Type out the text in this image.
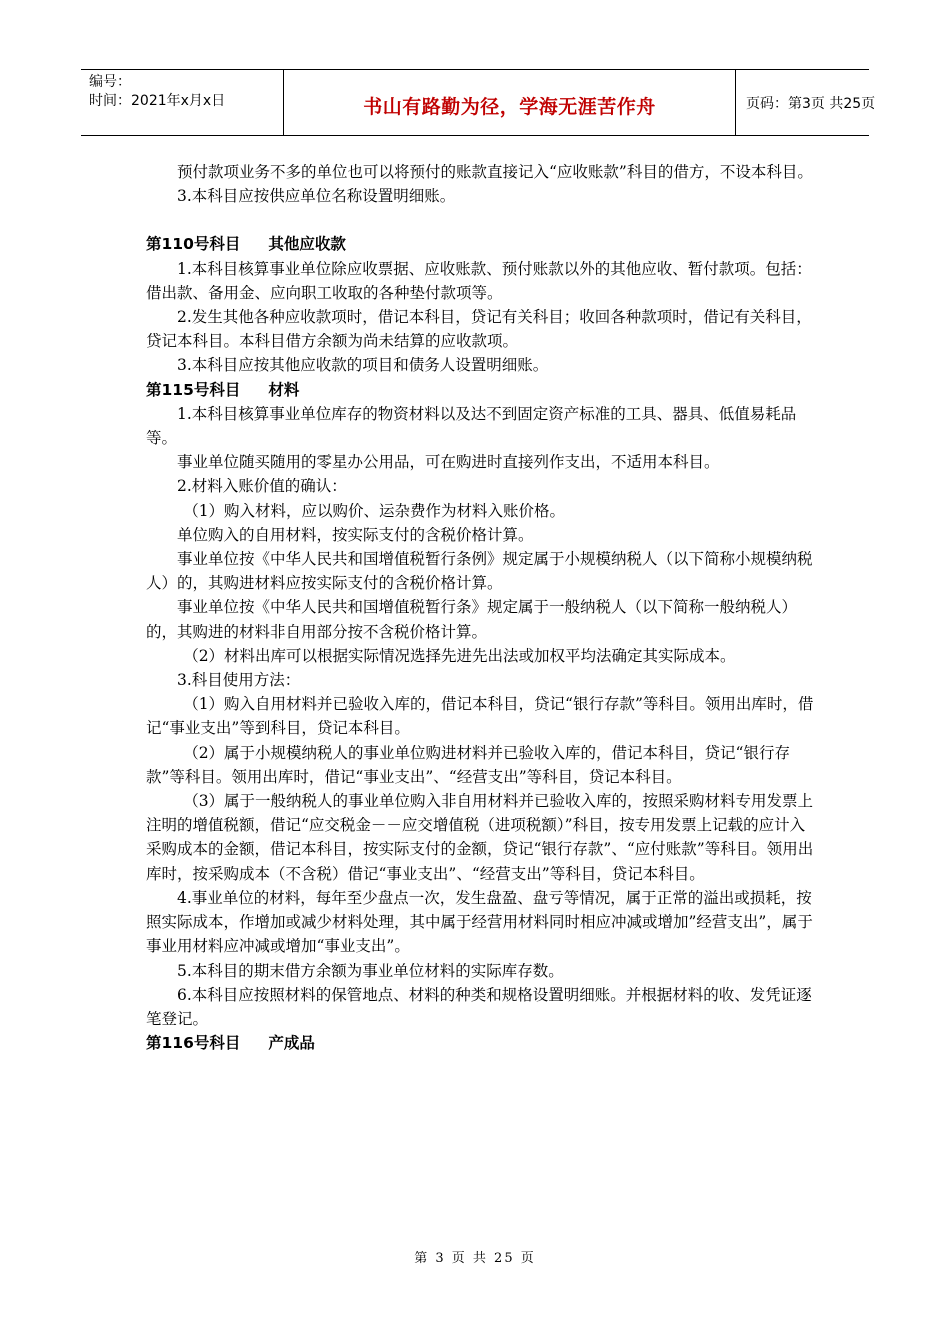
编号：
时间：2021年x月x日	书山有路勤为径，学海无涯苦作舟	页码：第3页 共25页

预付款项业务不多的单位也可以将预付的账款直接记入“应收账款”科目的借方，不设本科目。

3.本科目应按供应单位名称设置明细账。

第110号科目 其他应收款

1.本科目核算事业单位除应收票据、应收账款、预付账款以外的其他应收、暂付款项。包括：借出款、备用金、应向职工收取的各种垫付款项等。

2.发生其他各种应收款项时，借记本科目，贷记有关科目；收回各种款项时，借记有关科目，贷记本科目。本科目借方余额为尚未结算的应收款项。

3.本科目应按其他应收款的项目和债务人设置明细账。

第115号科目 材料

1.本科目核算事业单位库存的物资材料以及达不到固定资产标准的工具、器具、低值易耗品等。

事业单位随买随用的零星办公用品，可在购进时直接列作支出，不适用本科目。

2.材料入账价值的确认：

（1）购入材料，应以购价、运杂费作为材料入账价格。

单位购入的自用材料，按实际支付的含税价格计算。

事业单位按《中华人民共和国增值税暂行条例》规定属于小规模纳税人（以下简称小规模纳税人）的，其购进材料应按实际支付的含税价格计算。

事业单位按《中华人民共和国增值税暂行条》规定属于一般纳税人（以下简称一般纳税人）的，其购进的材料非自用部分按不含税价格计算。

（2）材料出库可以根据实际情况选择先进先出法或加权平均法确定其实际成本。

3.科目使用方法：

（1）购入自用材料并已验收入库的，借记本科目，贷记“银行存款”等科目。领用出库时，借记“事业支出”等到科目，贷记本科目。

（2）属于小规模纳税人的事业单位购进材料并已验收入库的，借记本科目，贷记“银行存款”等科目。领用出库时，借记“事业支出”、“经营支出”等科目，贷记本科目。

（3）属于一般纳税人的事业单位购入非自用材料并已验收入库的，按照采购材料专用发票上注明的增值税额，借记“应交税金－－应交增值税（进项税额）”科目，按专用发票上记载的应计入采购成本的金额，借记本科目，按实际支付的金额，贷记“银行存款”、“应付账款”等科目。领用出库时，按采购成本（不含税）借记“事业支出”、“经营支出”等科目，贷记本科目。

4.事业单位的材料，每年至少盘点一次，发生盘盈、盘亏等情况，属于正常的溢出或损耗，按照实际成本，作增加或减少材料处理，其中属于经营用材料同时相应冲减或增加”经营支出”，属于事业用材料应冲减或增加“事业支出”。

5.本科目的期末借方余额为事业单位材料的实际库存数。

6.本科目应按照材料的保管地点、材料的种类和规格设置明细账。并根据材料的收、发凭证逐笔登记。

第116号科目 产成品
第 3 页 共 25 页
